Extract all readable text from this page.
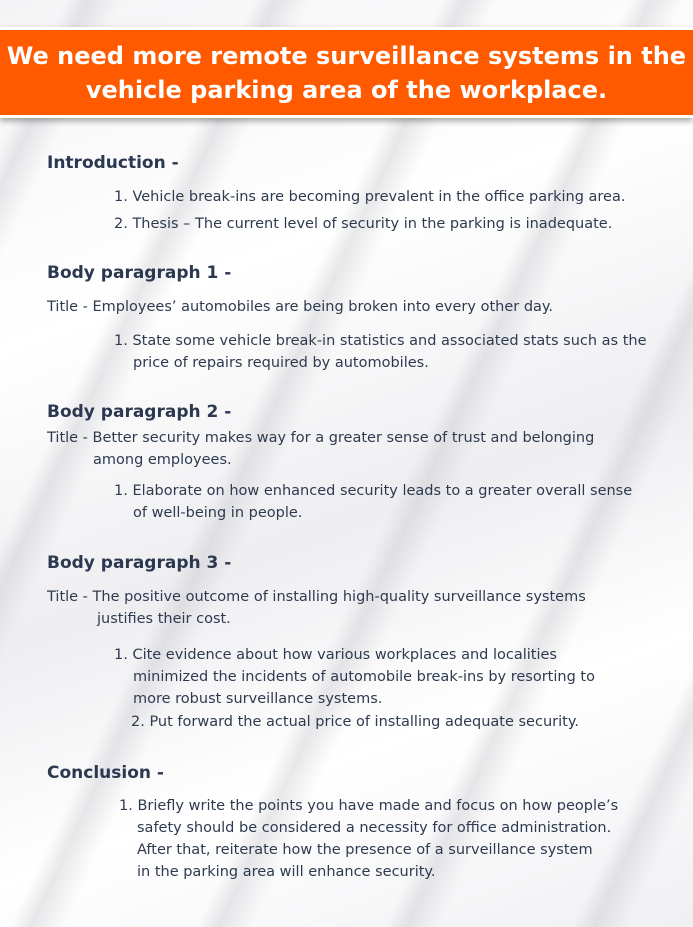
We need more remote surveillance systems in the vehicle parking area of the workplace.
Introduction -
1. Vehicle break-ins are becoming prevalent in the office parking area.
2. Thesis – The current level of security in the parking is inadequate.
Body paragraph 1 -
Title - Employees’ automobiles are being broken into every other day.
1. State some vehicle break-in statistics and associated stats such as the
price of repairs required by automobiles.
Body paragraph 2 -
Title - Better security makes way for a greater sense of trust and belonging
among employees.
1. Elaborate on how enhanced security leads to a greater overall sense
of well-being in people.
Body paragraph 3 -
Title - The positive outcome of installing high-quality surveillance systems
justifies their cost.
1. Cite evidence about how various workplaces and localities
minimized the incidents of automobile break-ins by resorting to
more robust surveillance systems.
2. Put forward the actual price of installing adequate security.
Conclusion -
1. Briefly write the points you have made and focus on how people’s
safety should be considered a necessity for office administration.
After that, reiterate how the presence of a surveillance system
in the parking area will enhance security.
